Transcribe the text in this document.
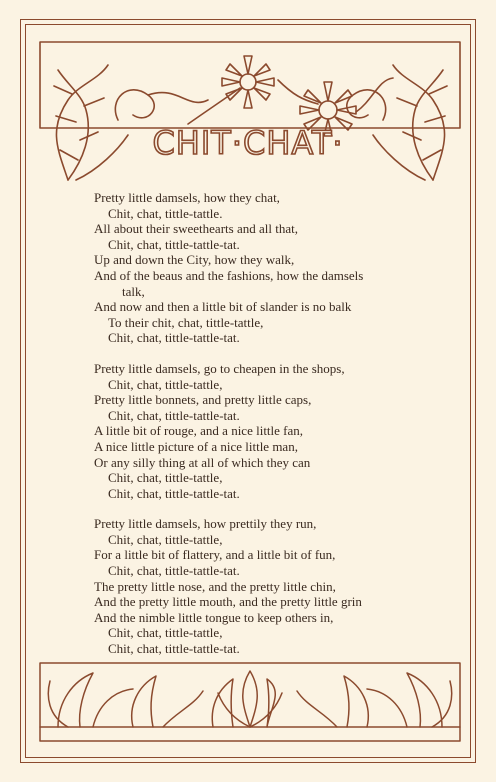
CHIT·CHAT·
Pretty little damsels, how they chat,
Chit, chat, tittle-tattle.
All about their sweethearts and all that,
Chit, chat, tittle-tattle-tat.
Up and down the City, how they walk,
And of the beaus and the fashions, how the damsels
talk,
And now and then a little bit of slander is no balk
To their chit, chat, tittle-tattle,
Chit, chat, tittle-tattle-tat.
Pretty little damsels, go to cheapen in the shops,
Chit, chat, tittle-tattle,
Pretty little bonnets, and pretty little caps,
Chit, chat, tittle-tattle-tat.
A little bit of rouge, and a nice little fan,
A nice little picture of a nice little man,
Or any silly thing at all of which they can
Chit, chat, tittle-tattle,
Chit, chat, tittle-tattle-tat.
Pretty little damsels, how prettily they run,
Chit, chat, tittle-tattle,
For a little bit of flattery, and a little bit of fun,
Chit, chat, tittle-tattle-tat.
The pretty little nose, and the pretty little chin,
And the pretty little mouth, and the pretty little grin
And the nimble little tongue to keep others in,
Chit, chat, tittle-tattle,
Chit, chat, tittle-tattle-tat.
